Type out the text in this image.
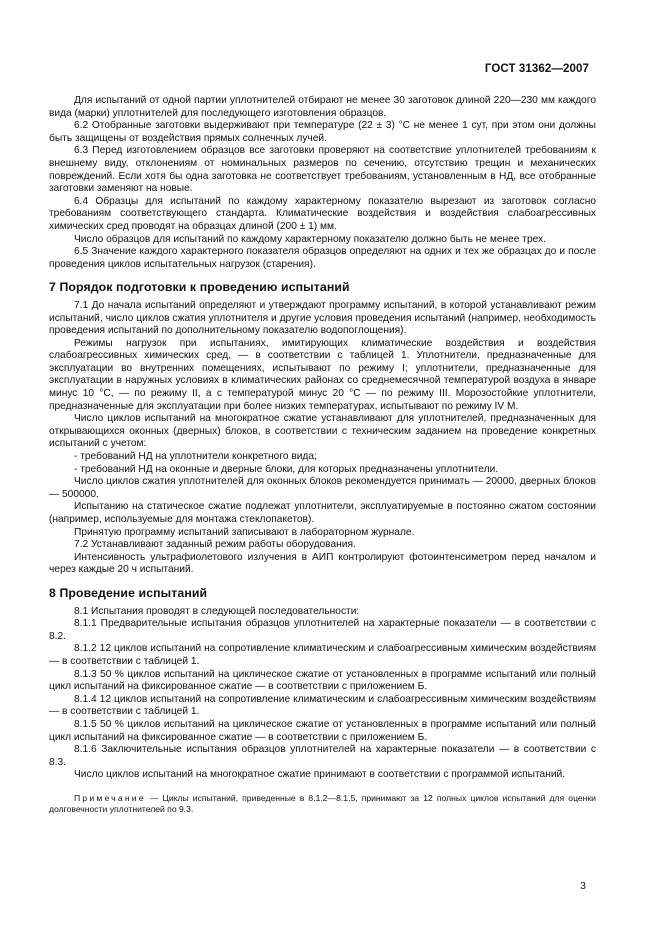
ГОСТ 31362—2007

Для испытаний от одной партии уплотнителей отбирают не менее 30 заготовок длиной 220—230 мм каждого вида (марки) уплотнителей для последующего изготовления образцов.

6.2 Отобранные заготовки выдерживают при температуре (22 ± 3) °С не менее 1 сут, при этом они должны быть защищены от воздействия прямых солнечных лучей.

6.3 Перед изготовлением образцов все заготовки проверяют на соответствие уплотнителей требованиям к внешнему виду, отклонениям от номинальных размеров по сечению, отсутствию трещин и механических повреждений. Если хотя бы одна заготовка не соответствует требованиям, установленным в НД, все отобранные заготовки заменяют на новые.

6.4 Образцы для испытаний по каждому характерному показателю вырезают из заготовок согласно требованиям соответствующего стандарта. Климатические воздействия и воздействия слабоагрессивных химических сред проводят на образцах длиной (200 ± 1) мм.

Число образцов для испытаний по каждому характерному показателю должно быть не менее трех.

6.5 Значение каждого характерного показателя образцов определяют на одних и тех же образцах до и после проведения циклов испытательных нагрузок (старения).

7 Порядок подготовки к проведению испытаний

7.1 До начала испытаний определяют и утверждают программу испытаний, в которой устанавливают режим испытаний, число циклов сжатия уплотнителя и другие условия проведения испытаний (например, необходимость проведения испытаний по дополнительному показателю водопоглощения).

Режимы нагрузок при испытаниях, имитирующих климатические воздействия и воздействия слабоагрессивных химических сред, — в соответствии с таблицей 1. Уплотнители, предназначенные для эксплуатации во внутренних помещениях, испытывают по режиму I; уплотнители, предназначенные для эксплуатации в наружных условиях в климатических районах со среднемесячной температурой воздуха в январе минус 10 °С, — по режиму II, а с температурой минус 20 °С — по режиму III. Морозостойкие уплотнители, предназначенные для эксплуатации при более низких температурах, испытывают по режиму IV М.

Число циклов испытаний на многократное сжатие устанавливают для уплотнителей, предназначенных для открывающихся оконных (дверных) блоков, в соответствии с техническим заданием на проведение конкретных испытаний с учетом:

- требований НД на уплотнители конкретного вида;

- требований НД на оконные и дверные блоки, для которых предназначены уплотнители.

Число циклов сжатия уплотнителей для оконных блоков рекомендуется принимать — 20000, дверных блоков — 500000.

Испытанию на статическое сжатие подлежат уплотнители, эксплуатируемые в постоянно сжатом состоянии (например, используемые для монтажа стеклопакетов).

Принятую программу испытаний записывают в лабораторном журнале.

7.2 Устанавливают заданный режим работы оборудования.

Интенсивность ультрафиолетового излучения в АИП контролируют фотоинтенсиметром перед началом и через каждые 20 ч испытаний.

8 Проведение испытаний

8.1 Испытания проводят в следующей последовательности:

8.1.1 Предварительные испытания образцов уплотнителей на характерные показатели — в соответствии с 8.2.

8.1.2 12 циклов испытаний на сопротивление климатическим и слабоагрессивным химическим воздействиям — в соответствии с таблицей 1.

8.1.3 50 % циклов испытаний на циклическое сжатие от установленных в программе испытаний или полный цикл испытаний на фиксированное сжатие — в соответствии с приложением Б.

8.1.4 12 циклов испытаний на сопротивление климатическим и слабоагрессивным химическим воздействиям — в соответствии с таблицей 1.

8.1.5 50 % циклов испытаний на циклическое сжатие от установленных в программе испытаний или полный цикл испытаний на фиксированное сжатие — в соответствии с приложением Б.

8.1.6 Заключительные испытания образцов уплотнителей на характерные показатели — в соответствии с 8.3.

Число циклов испытаний на многократное сжатие принимают в соответствии с программой испытаний.

Примечание — Циклы испытаний, приведенные в 8.1.2—8.1.5, принимают за 12 полных циклов испытаний для оценки долговечности уплотнителей по 9.3.

3
